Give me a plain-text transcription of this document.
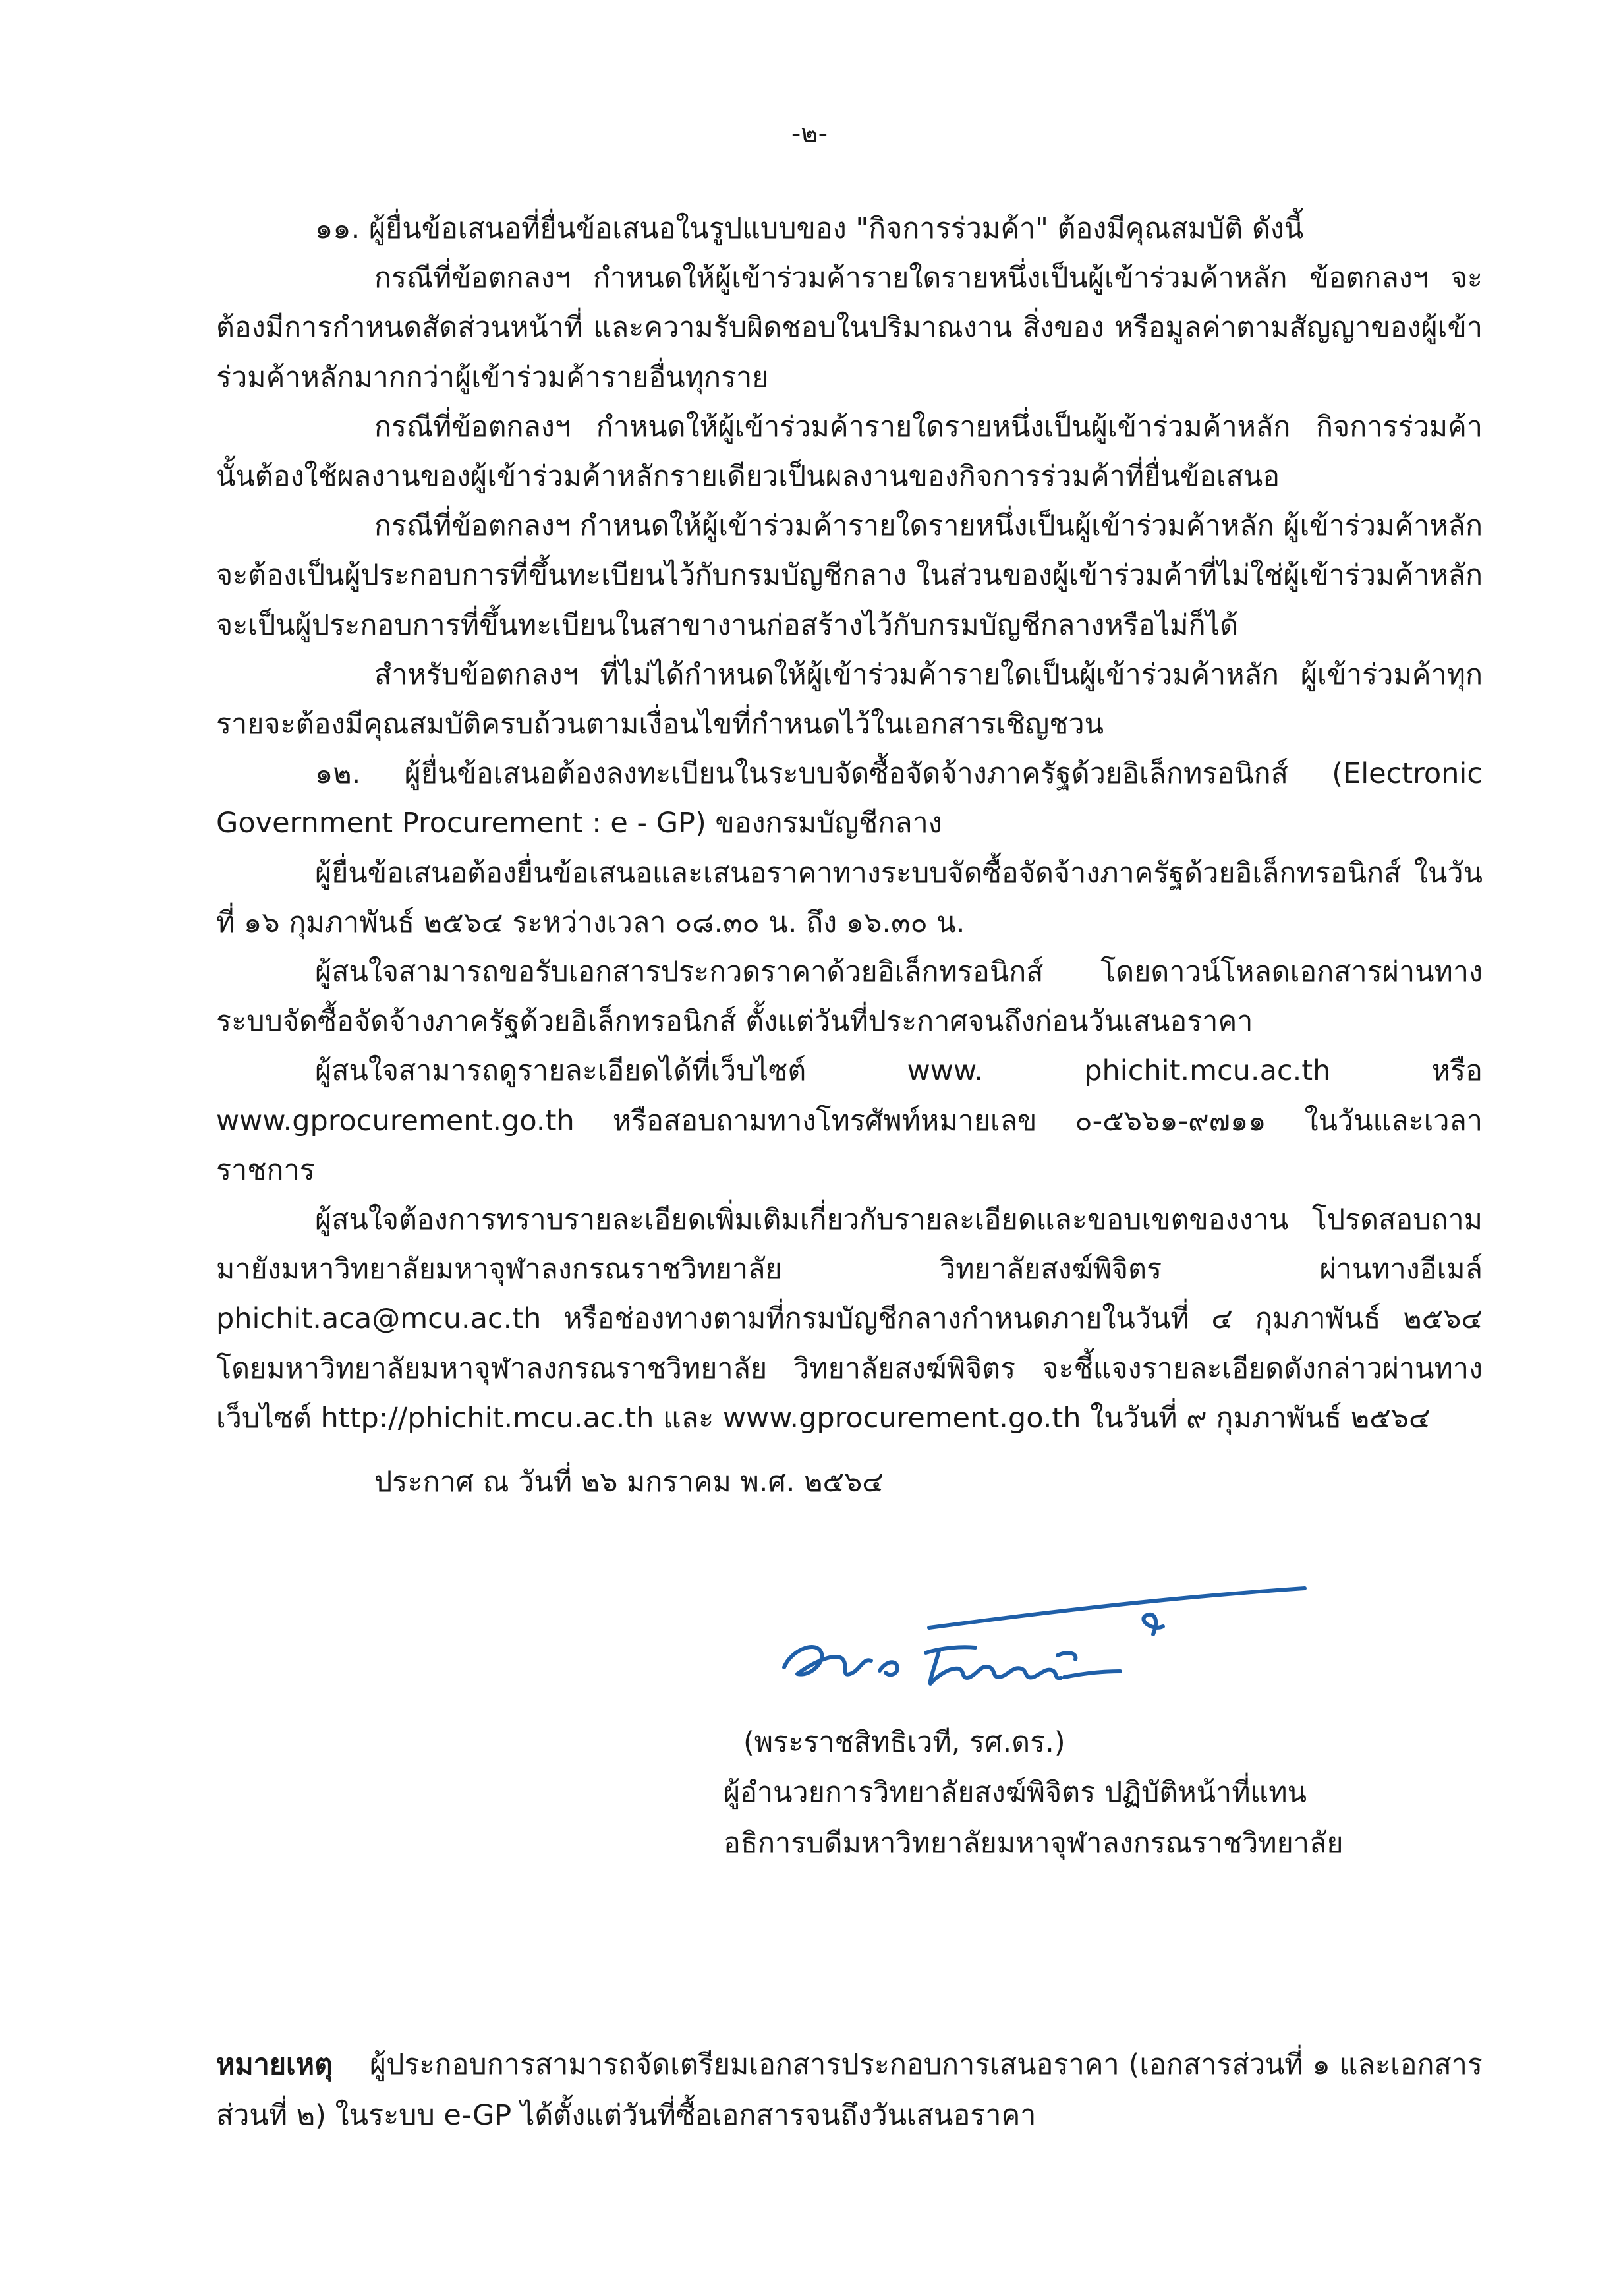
-๒-

๑๑. ผู้ยื่นข้อเสนอที่ยื่นข้อเสนอในรูปแบบของ "กิจการร่วมค้า" ต้องมีคุณสมบัติ ดังนี้

กรณีที่ข้อตกลงฯ กำหนดให้ผู้เข้าร่วมค้ารายใดรายหนึ่งเป็นผู้เข้าร่วมค้าหลัก ข้อตกลงฯ จะต้องมีการกำหนดสัดส่วนหน้าที่ และความรับผิดชอบในปริมาณงาน สิ่งของ หรือมูลค่าตามสัญญาของผู้เข้าร่วมค้าหลักมากกว่าผู้เข้าร่วมค้ารายอื่นทุกราย

กรณีที่ข้อตกลงฯ กำหนดให้ผู้เข้าร่วมค้ารายใดรายหนึ่งเป็นผู้เข้าร่วมค้าหลัก กิจการร่วมค้านั้นต้องใช้ผลงานของผู้เข้าร่วมค้าหลักรายเดียวเป็นผลงานของกิจการร่วมค้าที่ยื่นข้อเสนอ

กรณีที่ข้อตกลงฯ กำหนดให้ผู้เข้าร่วมค้ารายใดรายหนึ่งเป็นผู้เข้าร่วมค้าหลัก ผู้เข้าร่วมค้าหลักจะต้องเป็นผู้ประกอบการที่ขึ้นทะเบียนไว้กับกรมบัญชีกลาง ในส่วนของผู้เข้าร่วมค้าที่ไม่ใช่ผู้เข้าร่วมค้าหลักจะเป็นผู้ประกอบการที่ขึ้นทะเบียนในสาขางานก่อสร้างไว้กับกรมบัญชีกลางหรือไม่ก็ได้

สำหรับข้อตกลงฯ ที่ไม่ได้กำหนดให้ผู้เข้าร่วมค้ารายใดเป็นผู้เข้าร่วมค้าหลัก ผู้เข้าร่วมค้าทุกรายจะต้องมีคุณสมบัติครบถ้วนตามเงื่อนไขที่กำหนดไว้ในเอกสารเชิญชวน

๑๒. ผู้ยื่นข้อเสนอต้องลงทะเบียนในระบบจัดซื้อจัดจ้างภาครัฐด้วยอิเล็กทรอนิกส์ (Electronic Government Procurement : e - GP) ของกรมบัญชีกลาง

ผู้ยื่นข้อเสนอต้องยื่นข้อเสนอและเสนอราคาทางระบบจัดซื้อจัดจ้างภาครัฐด้วยอิเล็กทรอนิกส์ ในวันที่ ๑๖ กุมภาพันธ์ ๒๕๖๔ ระหว่างเวลา ๐๘.๓๐ น. ถึง ๑๖.๓๐ น.

ผู้สนใจสามารถขอรับเอกสารประกวดราคาด้วยอิเล็กทรอนิกส์ โดยดาวน์โหลดเอกสารผ่านทางระบบจัดซื้อจัดจ้างภาครัฐด้วยอิเล็กทรอนิกส์ ตั้งแต่วันที่ประกาศจนถึงก่อนวันเสนอราคา

ผู้สนใจสามารถดูรายละเอียดได้ที่เว็บไซต์ www. phichit.mcu.ac.th หรือ www.gprocurement.go.th หรือสอบถามทางโทรศัพท์หมายเลข ๐-๕๖๖๑-๙๗๑๑ ในวันและเวลาราชการ

ผู้สนใจต้องการทราบรายละเอียดเพิ่มเติมเกี่ยวกับรายละเอียดและขอบเขตของงาน โปรดสอบถามมายังมหาวิทยาลัยมหาจุฬาลงกรณราชวิทยาลัย วิทยาลัยสงฆ์พิจิตร ผ่านทางอีเมล์ phichit.aca@mcu.ac.th หรือช่องทางตามที่กรมบัญชีกลางกำหนดภายในวันที่ ๔ กุมภาพันธ์ ๒๕๖๔ โดยมหาวิทยาลัยมหาจุฬาลงกรณราชวิทยาลัย วิทยาลัยสงฆ์พิจิตร จะชี้แจงรายละเอียดดังกล่าวผ่านทางเว็บไซต์ http://phichit.mcu.ac.th และ www.gprocurement.go.th ในวันที่ ๙ กุมภาพันธ์ ๒๕๖๔

ประกาศ ณ วันที่ ๒๖ มกราคม พ.ศ. ๒๕๖๔

(พระราชสิทธิเวที, รศ.ดร.)
ผู้อำนวยการวิทยาลัยสงฆ์พิจิตร ปฏิบัติหน้าที่แทน
อธิการบดีมหาวิทยาลัยมหาจุฬาลงกรณราชวิทยาลัย
หมายเหตุ ผู้ประกอบการสามารถจัดเตรียมเอกสารประกอบการเสนอราคา (เอกสารส่วนที่ ๑ และเอกสารส่วนที่ ๒) ในระบบ e-GP ได้ตั้งแต่วันที่ซื้อเอกสารจนถึงวันเสนอราคา
